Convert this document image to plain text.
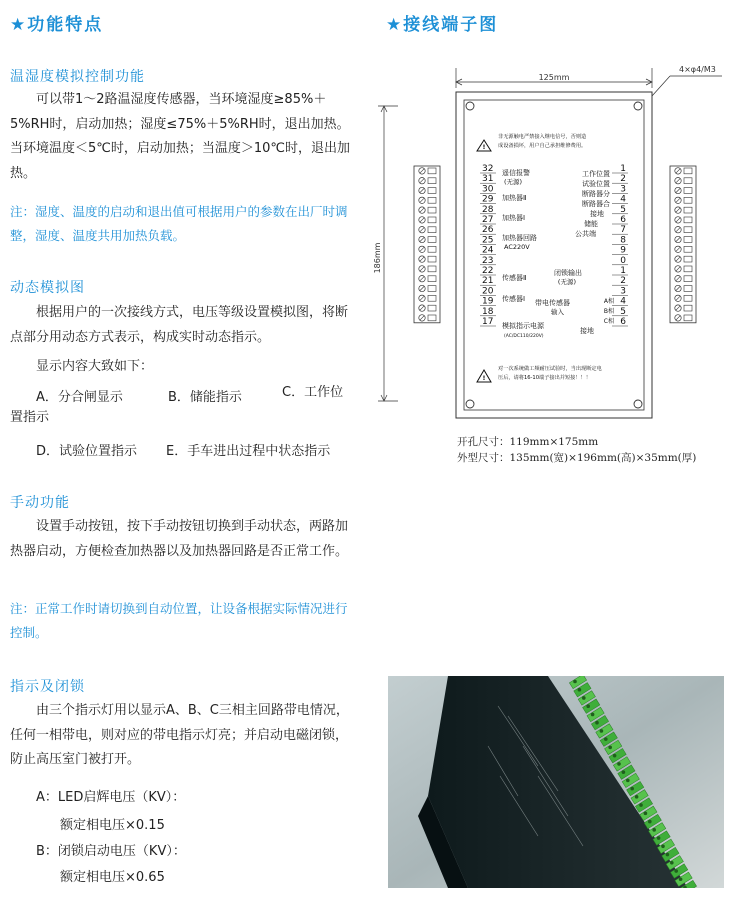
★功能特点
温湿度模拟控制功能
可以带1～2路温湿度传感器，当环境湿度≥85%＋5%RH时，启动加热；湿度≤75%＋5%RH时，退出加热。当环境温度＜5℃时，启动加热；当温度＞10℃时，退出加热。
注：湿度、温度的启动和退出值可根据用户的参数在出厂时调整，湿度、温度共用加热负载。
动态模拟图
根据用户的一次接线方式，电压等级设置模拟图，将断点部分用动态方式表示，构成实时动态指示。
显示内容大致如下：
A．分合闸显示	B．储能指示	C．工作位置指示
D．试验位置指示 E．手车进出过程中状态指示
手动功能
设置手动按钮，按下手动按钮切换到手动状态，两路加热器启动，方便检查加热器以及加热器回路是否正常工作。
注：正常工作时请切换到自动位置，让设备根据实际情况进行控制。
指示及闭锁
由三个指示灯用以显示A、B、C三相主回路带电情况，任何一相带电，则对应的带电指示灯亮；并启动电磁闭锁，防止高压室门被打开。
A：LED启辉电压（KV）：
额定相电压×0.15
B：闭锁启动电压（KV）：
额定相电压×0.65
★接线端子图
125mm
186mm
4×φ4/M3
!
非无源触电严禁接入继电信号，否则造成设备损坏，用户自己承担维修费用。
32
31
30
29
28
27
26
25
24
23
22
21
20
19
18
17
1
2
3
4
5
6
7
8
9
0
1
2
3
4
5
6
遥信报警
(无源)
加热器Ⅱ
加热器Ⅰ
加热器回路
AC220V
传感器Ⅱ
传感器Ⅰ
模拟指示电源
(AC/DC110/220V)
工作位置
试验位置
断路器分
断路器合
接地
储能
公共端
闭锁输出
(无源)
带电传感器
输入
A相
B相
C相
接地
!
对一次系统做工频耐压试验时，当出现断定电压后，请将16-10端子接出并短接！！！
开孔尺寸：119mm×175mm
外型尺寸：135mm(宽)×196mm(高)×35mm(厚)
